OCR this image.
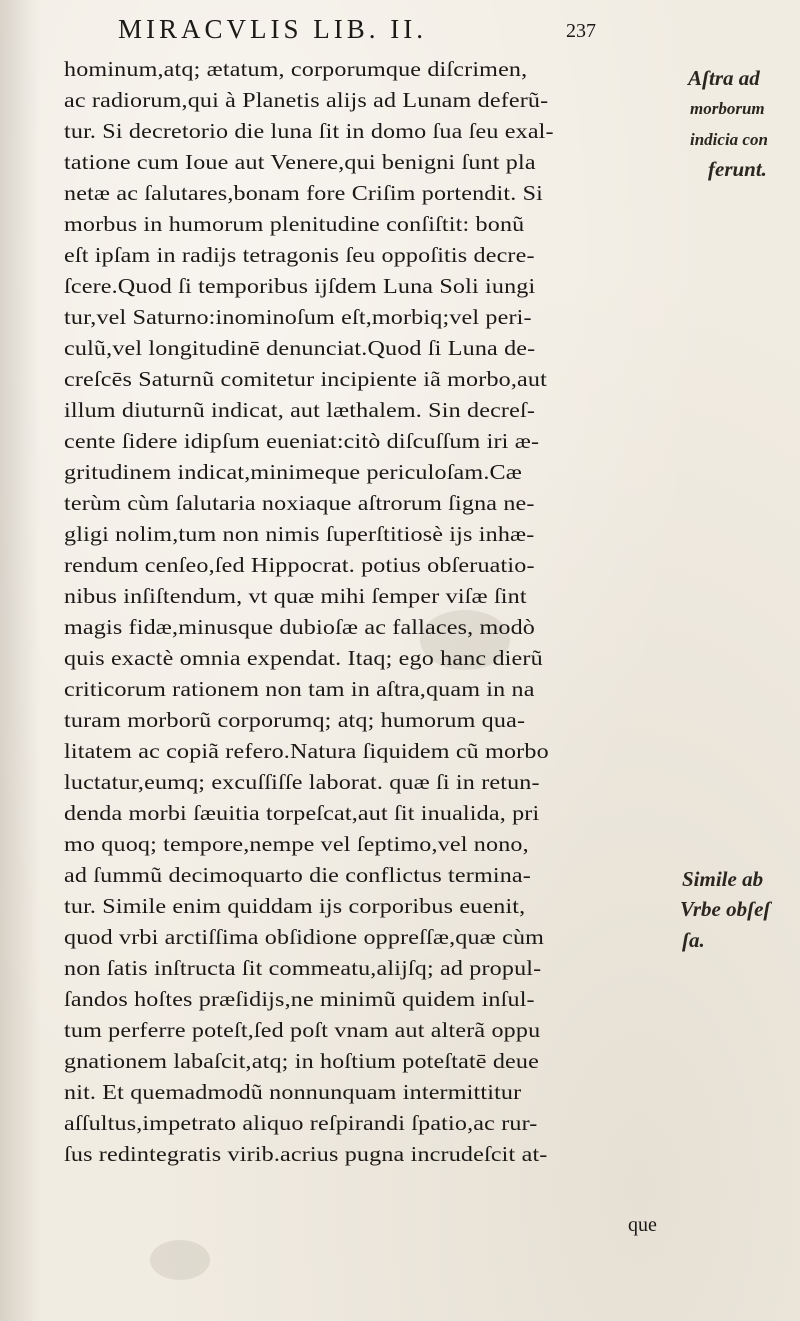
MIRACVLIS LIB. II.	237
hominum,atq; ætatum, corporumque diſcrimen,
ac radiorum,qui à Planetis alijs ad Lunam deferũ-
tur. Si decretorio die luna ſit in domo ſua ſeu exal-
tatione cum Ioue aut Venere,qui benigni ſunt pla
netæ ac ſalutares,bonam fore Criſim portendit. Si
morbus in humorum plenitudine conſiſtit: bonũ
eſt ipſam in radijs tetragonis ſeu oppoſitis decre-
ſcere.Quod ſi temporibus ijſdem Luna Soli iungi
tur,vel Saturno:inominoſum eſt,morbiq;vel peri-
culũ,vel longitudinē denunciat.Quod ſi Luna de-
creſcēs Saturnũ comitetur incipiente iã morbo,aut
illum diuturnũ indicat, aut læthalem. Sin decreſ-
cente ſidere idipſum eueniat:citò diſcuſſum iri æ-
gritudinem indicat,minimeque periculoſam.Cæ
terùm cùm ſalutaria noxiaque aſtrorum ſigna ne-
gligi nolim,tum non nimis ſuperſtitiosè ijs inhæ-
rendum cenſeo,ſed Hippocrat. potius obſeruatio-
nibus inſiſtendum, vt quæ mihi ſemper viſæ ſint
magis fidæ,minusque dubioſæ ac fallaces, modò
quis exactè omnia expendat. Itaq; ego hanc dierũ
criticorum rationem non tam in aſtra,quam in na
turam morborũ corporumq; atq; humorum qua-
litatem ac copiã refero.Natura ſiquidem cũ morbo
luctatur,eumq; excuſſiſſe laborat. quæ ſi in retun-
denda morbi ſæuitia torpeſcat,aut ſit inualida, pri
mo quoq; tempore,nempe vel ſeptimo,vel nono,
ad ſummũ decimoquarto die conflictus termina-
tur. Simile enim quiddam ijs corporibus euenit,
quod vrbi arctiſſima obſidione oppreſſæ,quæ cùm
non ſatis inſtructa ſit commeatu,alijſq; ad propul-
ſandos hoſtes præſidijs,ne minimũ quidem inſul-
tum perferre poteſt,ſed poſt vnam aut alterã oppu
gnationem labaſcit,atq; in hoſtium poteſtatē deue
nit. Et quemadmodũ nonnunquam intermittitur
aſſultus,impetrato aliquo reſpirandi ſpatio,ac rur-
ſus redintegratis virib.acrius pugna incrudeſcit at-
que
Aſtra ad
morborum
indicia con
ferunt.
Simile ab
Vrbe obſeſ
ſa.
